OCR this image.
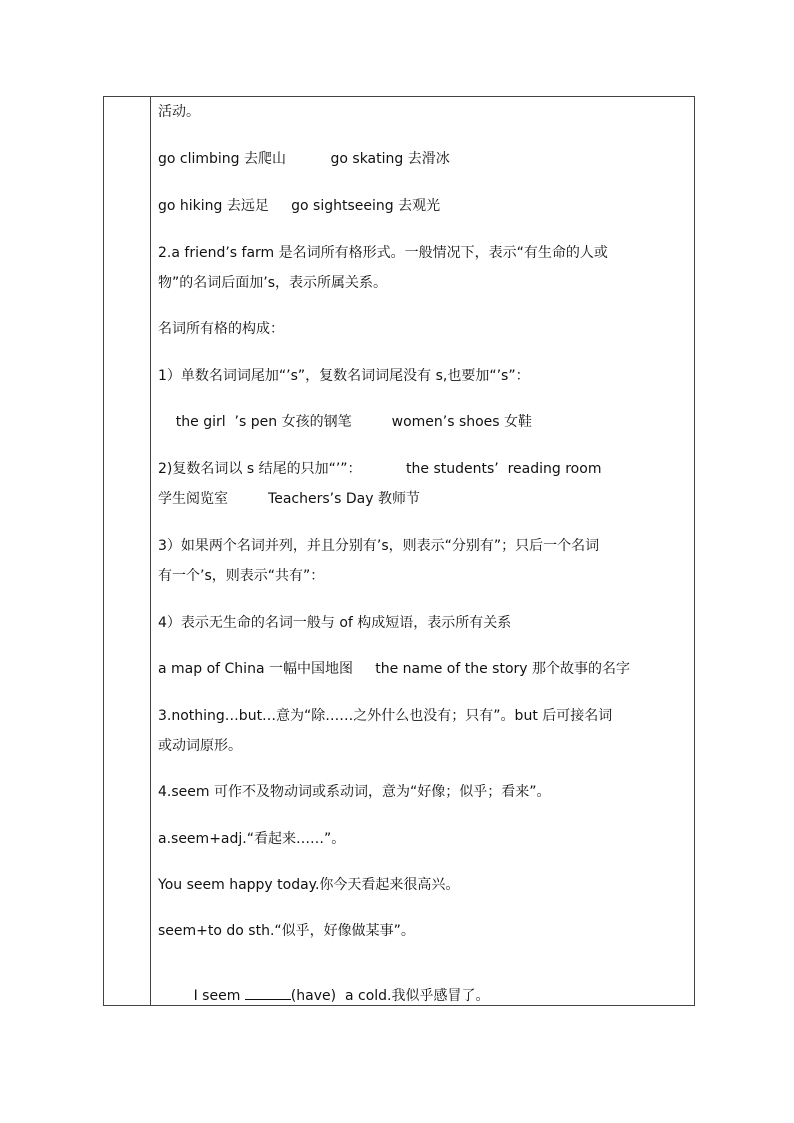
活动。
go climbing 去爬山          go skating 去滑冰
go hiking 去远足     go sightseeing 去观光
2.a friend’s farm 是名词所有格形式。一般情况下，表示“有生命的人或
物”的名词后面加’s，表示所属关系。
名词所有格的构成：
1）单数名词词尾加“’s”，复数名词词尾没有 s,也要加“’s”：
the girl  ’s pen 女孩的钢笔         women’s shoes 女鞋
2)复数名词以 s 结尾的只加“’”：          the students’  reading room
学生阅览室         Teachers’s Day 教师节
3）如果两个名词并列，并且分别有’s，则表示“分别有”；只后一个名词
有一个’s，则表示“共有”：
4）表示无生命的名词一般与 of 构成短语，表示所有关系
a map of China 一幅中国地图     the name of the story 那个故事的名字
3.nothing…but…意为“除……之外什么也没有；只有”。but 后可接名词
或动词原形。
4.seem 可作不及物动词或系动词，意为“好像；似乎；看来”。
a.seem+adj.“看起来……”。
You seem happy today.你今天看起来很高兴。
seem+to do sth.“似乎，好像做某事”。

I seem	(have)  a cold.我似乎感冒了。
